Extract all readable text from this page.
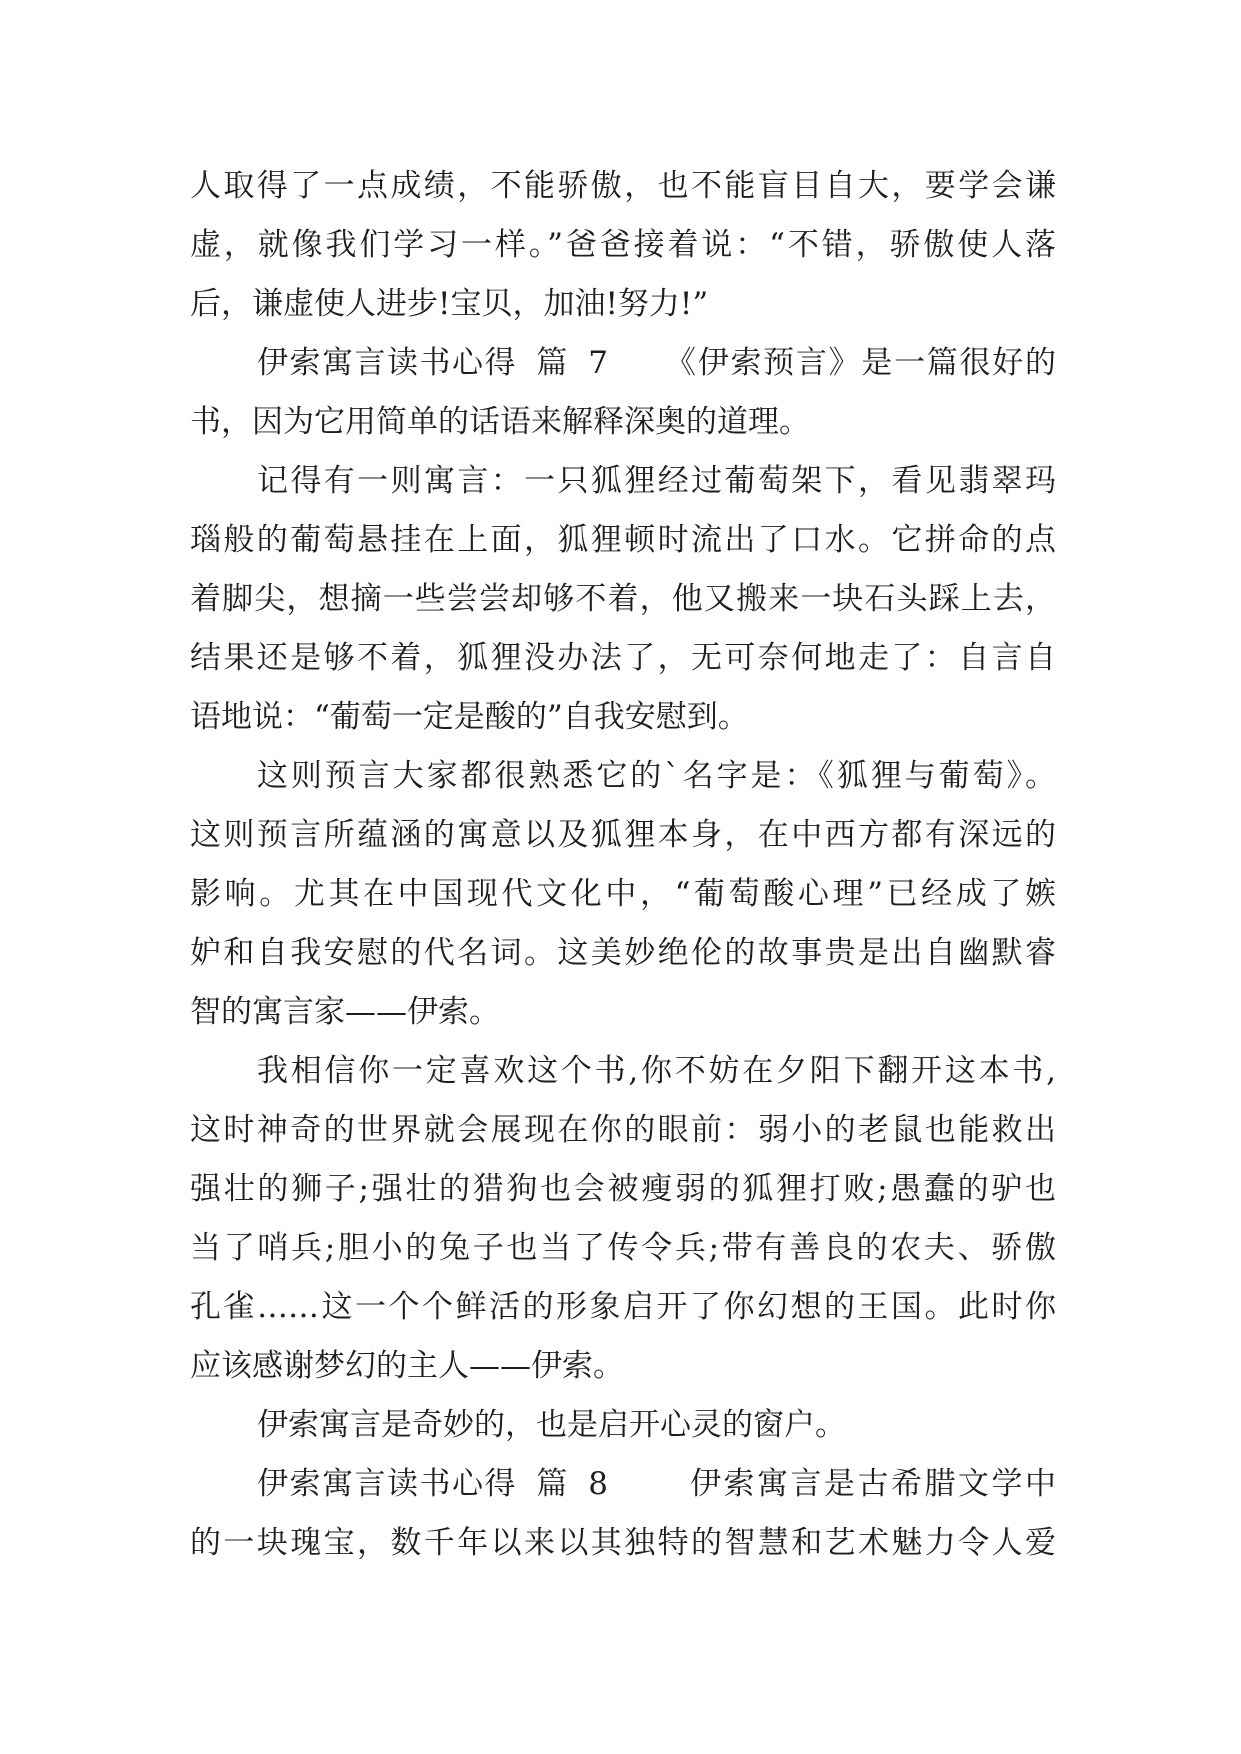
人取得了一点成绩，不能骄傲，也不能盲目自大，要学会谦
虚，就像我们学习一样。”爸爸接着说：“不错，骄傲使人落
后，谦虚使人进步!宝贝，加油!努力!”
伊索寓言读书心得 篇 7 《伊索预言》是一篇很好的
书，因为它用简单的话语来解释深奥的道理。
记得有一则寓言：一只狐狸经过葡萄架下，看见翡翠玛
瑙般的葡萄悬挂在上面，狐狸顿时流出了口水。它拼命的点
着脚尖，想摘一些尝尝却够不着，他又搬来一块石头踩上去，
结果还是够不着，狐狸没办法了，无可奈何地走了：自言自
语地说：“葡萄一定是酸的”自我安慰到。
这则预言大家都很熟悉它的`名字是：《狐狸与葡萄》。
这则预言所蕴涵的寓意以及狐狸本身，在中西方都有深远的
影响。尤其在中国现代文化中，“葡萄酸心理”已经成了嫉
妒和自我安慰的代名词。这美妙绝伦的故事贵是出自幽默睿
智的寓言家——伊索。
我相信你一定喜欢这个书,你不妨在夕阳下翻开这本书,
这时神奇的世界就会展现在你的眼前：弱小的老鼠也能救出
强壮的狮子;强壮的猎狗也会被瘦弱的狐狸打败;愚蠢的驴也
当了哨兵;胆小的兔子也当了传令兵;带有善良的农夫、骄傲
孔雀……这一个个鲜活的形象启开了你幻想的王国。此时你
应该感谢梦幻的主人——伊索。
伊索寓言是奇妙的，也是启开心灵的窗户。
伊索寓言读书心得 篇 8	伊索寓言是古希腊文学中
的一块瑰宝，数千年以来以其独特的智慧和艺术魅力令人爱
